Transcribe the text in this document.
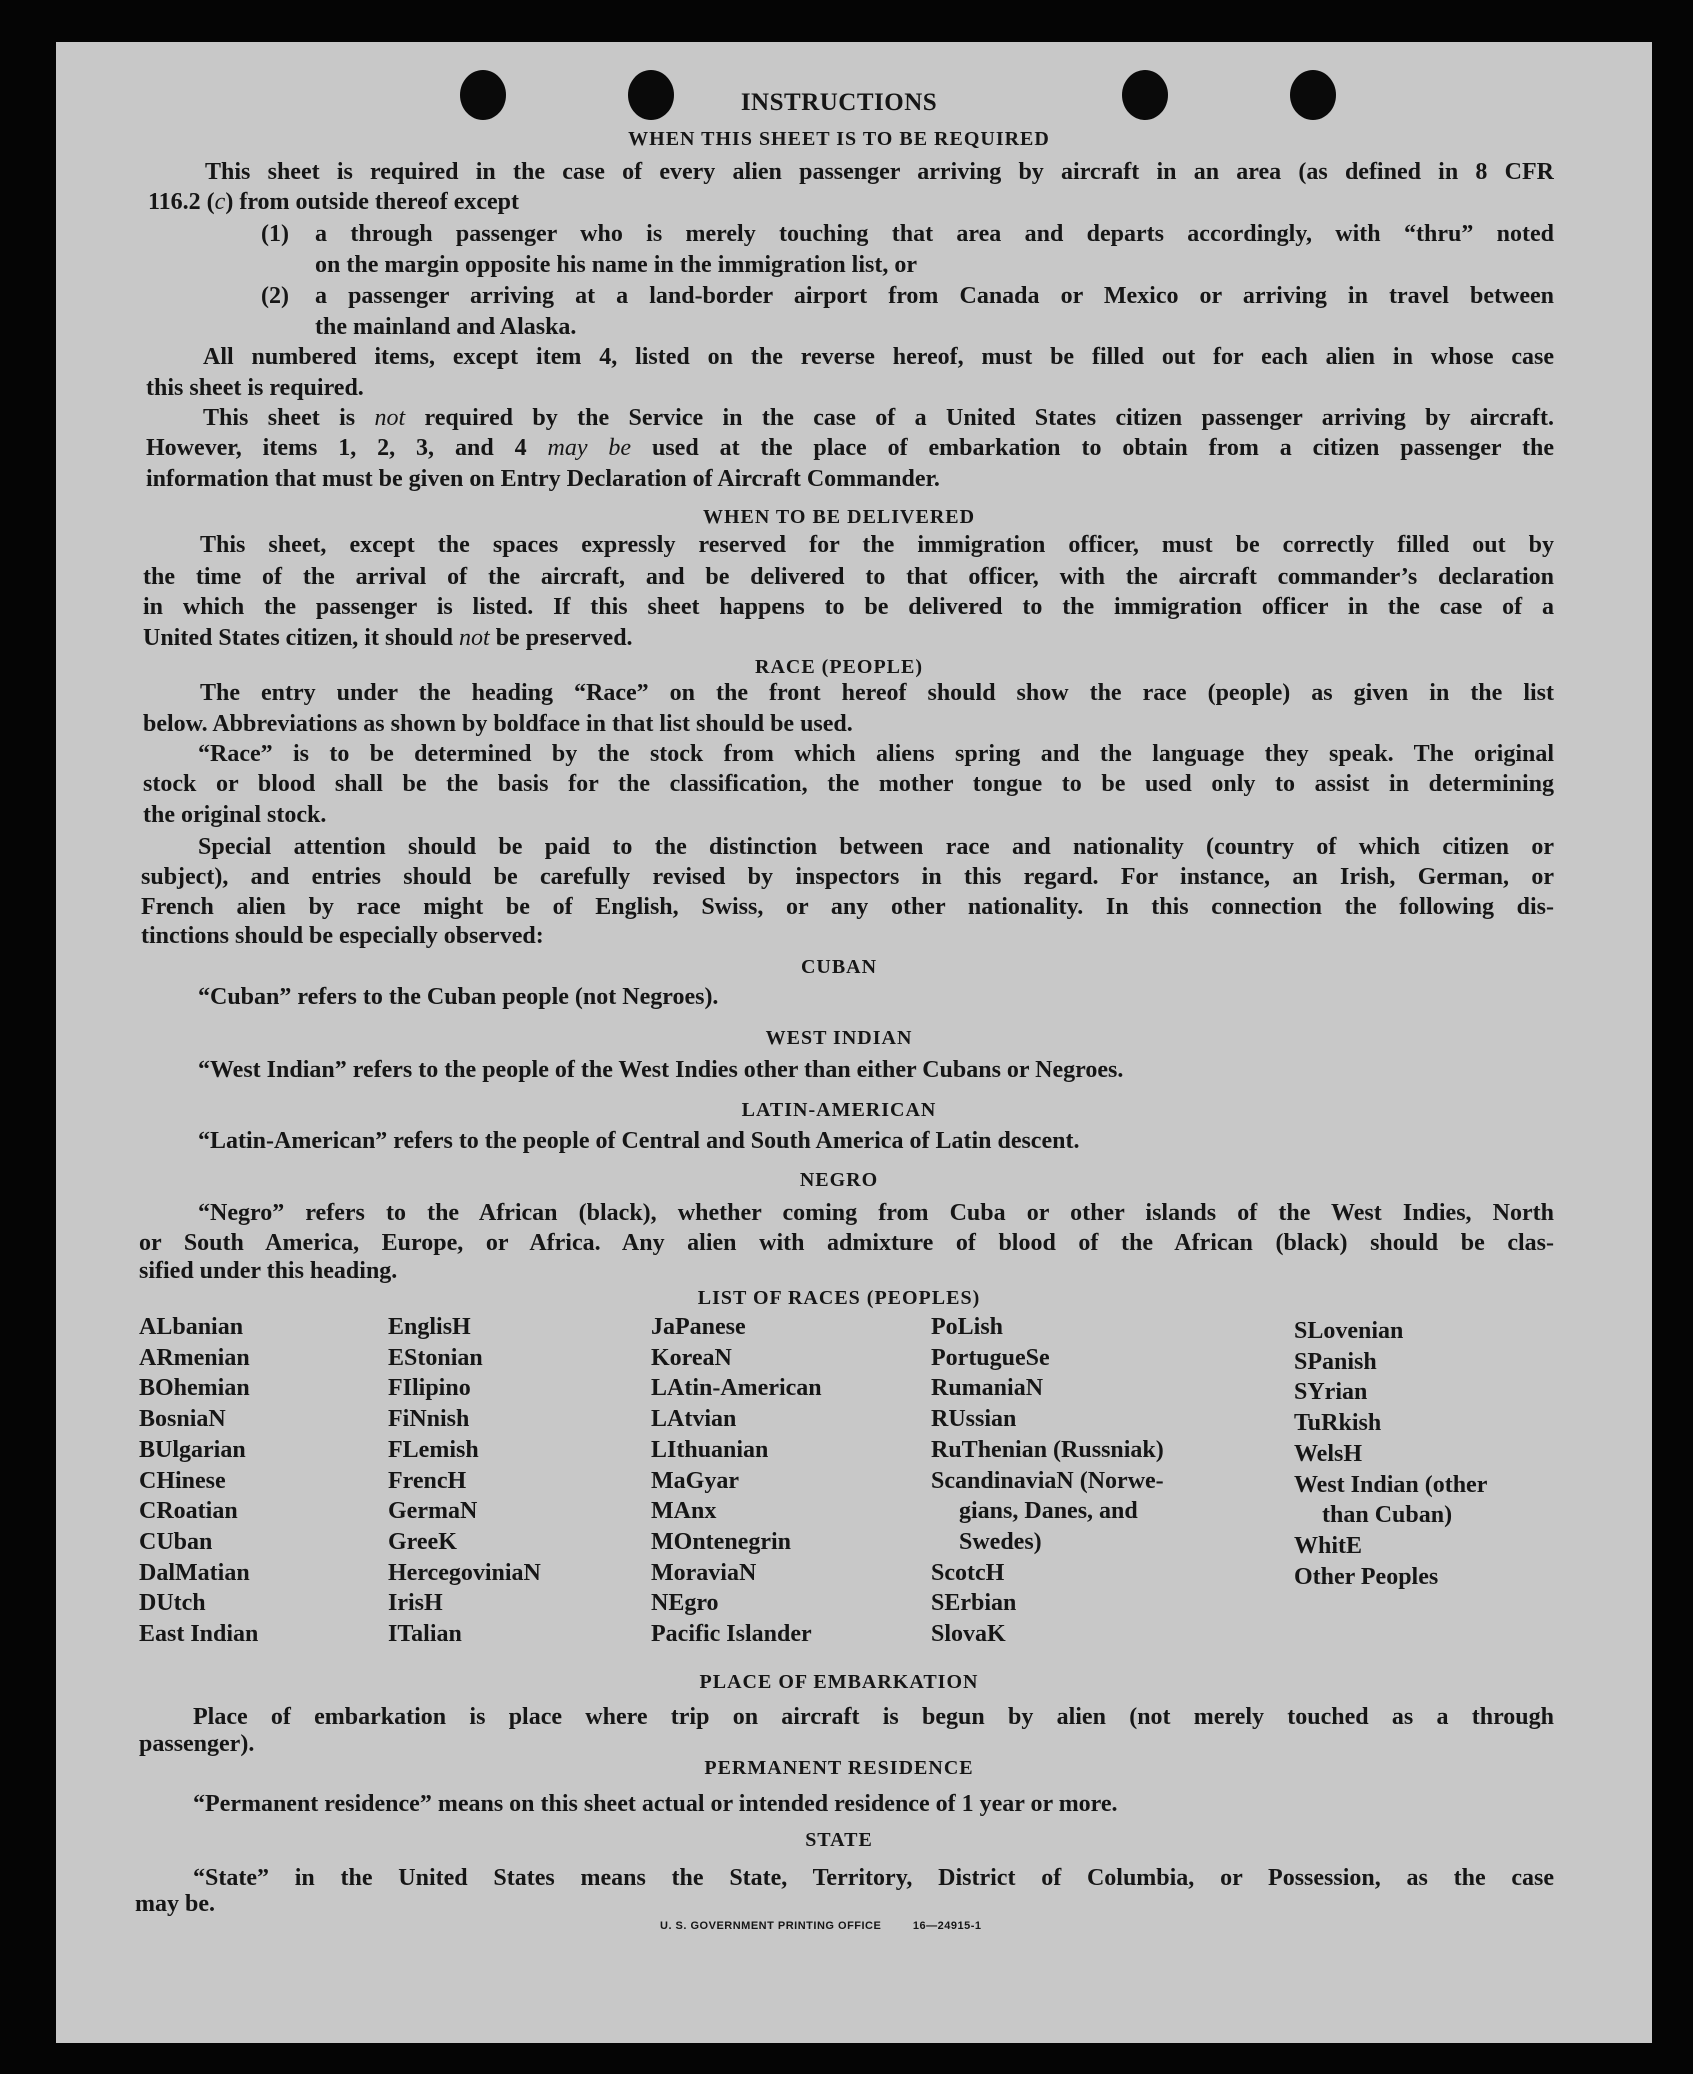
INSTRUCTIONS
U. S. GOVERNMENT PRINTING OFFICE	16—24915-1
WHEN THIS SHEET IS TO BE REQUIRED
This sheet is required in the case of every alien passenger arriving by aircraft in an area (as defined in 8 CFR
116.2 (c) from outside thereof except
(1) a through passenger who is merely touching that area and departs accordingly, with “thru” noted
on the margin opposite his name in the immigration list, or
(2) a passenger arriving at a land-border airport from Canada or Mexico or arriving in travel between
the mainland and Alaska.
All numbered items, except item 4, listed on the reverse hereof, must be filled out for each alien in whose case
this sheet is required.
This sheet is not required by the Service in the case of a United States citizen passenger arriving by aircraft.
However, items 1, 2, 3, and 4 may be used at the place of embarkation to obtain from a citizen passenger the
information that must be given on Entry Declaration of Aircraft Commander.
WHEN TO BE DELIVERED
This sheet, except the spaces expressly reserved for the immigration officer, must be correctly filled out by
the time of the arrival of the aircraft, and be delivered to that officer, with the aircraft commander’s declaration
in which the passenger is listed. If this sheet happens to be delivered to the immigration officer in the case of a
United States citizen, it should not be preserved.
RACE (PEOPLE)
The entry under the heading “Race” on the front hereof should show the race (people) as given in the list
below. Abbreviations as shown by boldface in that list should be used.
“Race” is to be determined by the stock from which aliens spring and the language they speak. The original
stock or blood shall be the basis for the classification, the mother tongue to be used only to assist in determining
the original stock.
Special attention should be paid to the distinction between race and nationality (country of which citizen or
subject), and entries should be carefully revised by inspectors in this regard. For instance, an Irish, German, or
French alien by race might be of English, Swiss, or any other nationality. In this connection the following dis-
tinctions should be especially observed:
CUBAN
“Cuban” refers to the Cuban people (not Negroes).
WEST INDIAN
“West Indian” refers to the people of the West Indies other than either Cubans or Negroes.
LATIN-AMERICAN
“Latin-American” refers to the people of Central and South America of Latin descent.
NEGRO
“Negro” refers to the African (black), whether coming from Cuba or other islands of the West Indies, North
or South America, Europe, or Africa. Any alien with admixture of blood of the African (black) should be clas-
sified under this heading.
LIST OF RACES (PEOPLES)
ALbanian
ARmenian
BOhemian
BosniaN
BUlgarian
CHinese
CRoatian
CUban
DalMatian
DUtch
East Indian
EnglisH
EStonian
FIlipino
FiNnish
FLemish
FrencH
GermaN
GreeK
HercegoviniaN
IrisH
ITalian
JaPanese
KoreaN
LAtin-American
LAtvian
LIthuanian
MaGyar
MAnx
MOntenegrin
MoraviaN
NEgro
Pacific Islander
PoLish
PortugueSe
RumaniaN
RUssian
RuThenian (Russniak)
ScandinaviaN (Norwe-
gians, Danes, and
Swedes)
ScotcH
SErbian
SlovaK
SLovenian
SPanish
SYrian
TuRkish
WelsH
West Indian (other
than Cuban)
WhitE
Other Peoples
PLACE OF EMBARKATION
Place of embarkation is place where trip on aircraft is begun by alien (not merely touched as a through
passenger).
PERMANENT RESIDENCE
“Permanent residence” means on this sheet actual or intended residence of 1 year or more.
STATE
“State” in the United States means the State, Territory, District of Columbia, or Possession, as the case
may be.
